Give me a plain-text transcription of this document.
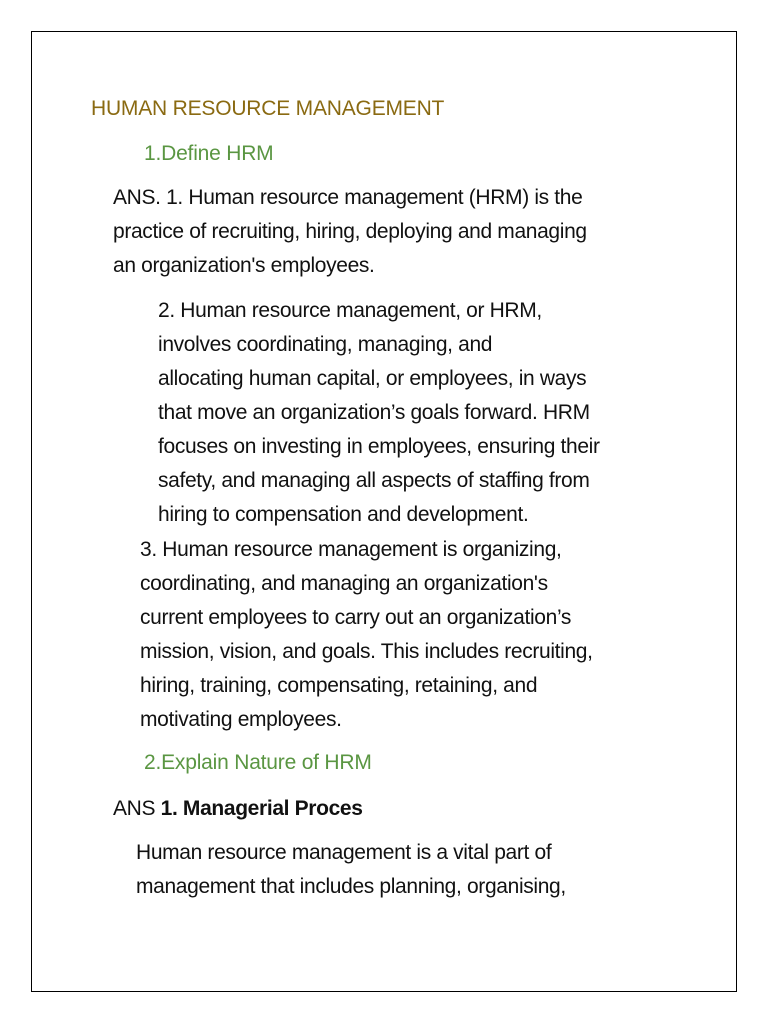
HUMAN RESOURCE MANAGEMENT
1.Define HRM
ANS. 1. Human resource management (HRM) is the
practice of recruiting, hiring, deploying and managing
an organization's employees.
2. Human resource management, or HRM,
involves coordinating, managing, and
allocating human capital, or employees, in ways
that move an organization’s goals forward. HRM
focuses on investing in employees, ensuring their
safety, and managing all aspects of staffing from
hiring to compensation and development.
3. Human resource management is organizing,
coordinating, and managing an organization's
current employees to carry out an organization’s
mission, vision, and goals. This includes recruiting,
hiring, training, compensating, retaining, and
motivating employees.
2.Explain Nature of HRM
ANS 1. Managerial Proces
Human resource management is a vital part of
management that includes planning, organising,
